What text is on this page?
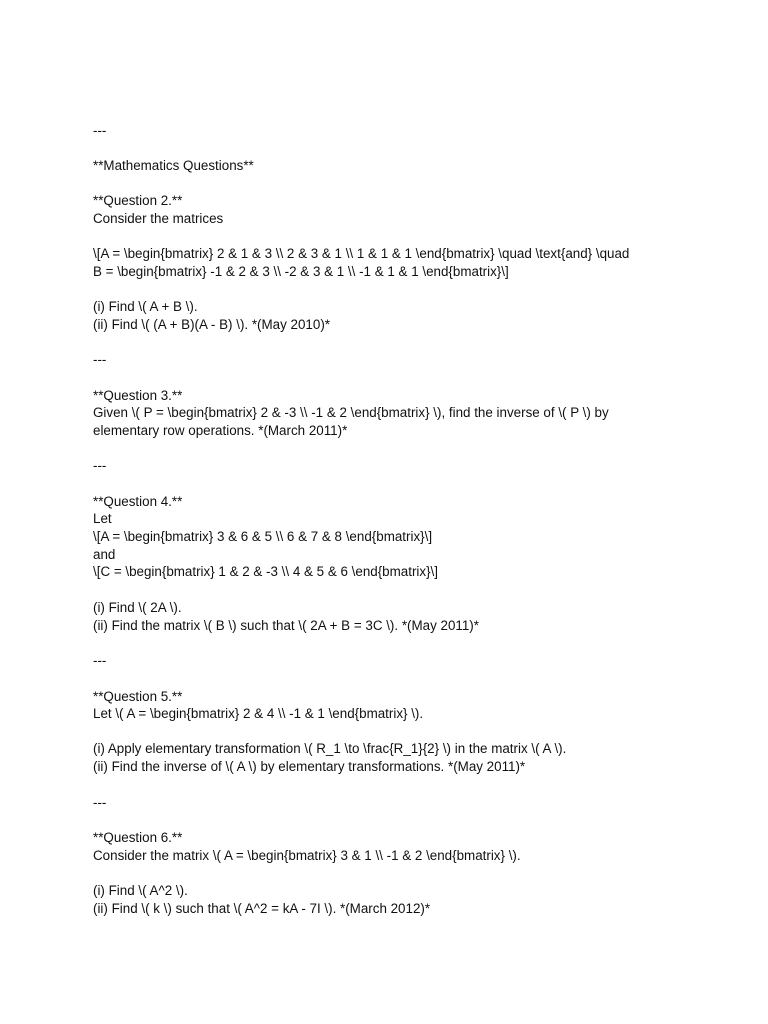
---
**Mathematics Questions**
**Question 2.**
Consider the matrices
\[A = \begin{bmatrix} 2 & 1 & 3 \\ 2 & 3 & 1 \\ 1 & 1 & 1 \end{bmatrix} \quad \text{and} \quad
B = \begin{bmatrix} -1 & 2 & 3 \\ -2 & 3 & 1 \\ -1 & 1 & 1 \end{bmatrix}\]
(i) Find \( A + B \).
(ii) Find \( (A + B)(A - B) \). *(May 2010)*
---
**Question 3.**
Given \( P = \begin{bmatrix} 2 & -3 \\ -1 & 2 \end{bmatrix} \), find the inverse of \( P \) by
elementary row operations. *(March 2011)*
---
**Question 4.**
Let
\[A = \begin{bmatrix} 3 & 6 & 5 \\ 6 & 7 & 8 \end{bmatrix}\]
and
\[C = \begin{bmatrix} 1 & 2 & -3 \\ 4 & 5 & 6 \end{bmatrix}\]
(i) Find \( 2A \).
(ii) Find the matrix \( B \) such that \( 2A + B = 3C \). *(May 2011)*
---
**Question 5.**
Let \( A = \begin{bmatrix} 2 & 4 \\ -1 & 1 \end{bmatrix} \).
(i) Apply elementary transformation \( R_1 \to \frac{R_1}{2} \) in the matrix \( A \).
(ii) Find the inverse of \( A \) by elementary transformations. *(May 2011)*
---
**Question 6.**
Consider the matrix \( A = \begin{bmatrix} 3 & 1 \\ -1 & 2 \end{bmatrix} \).
(i) Find \( A^2 \).
(ii) Find \( k \) such that \( A^2 = kA - 7I \). *(March 2012)*
